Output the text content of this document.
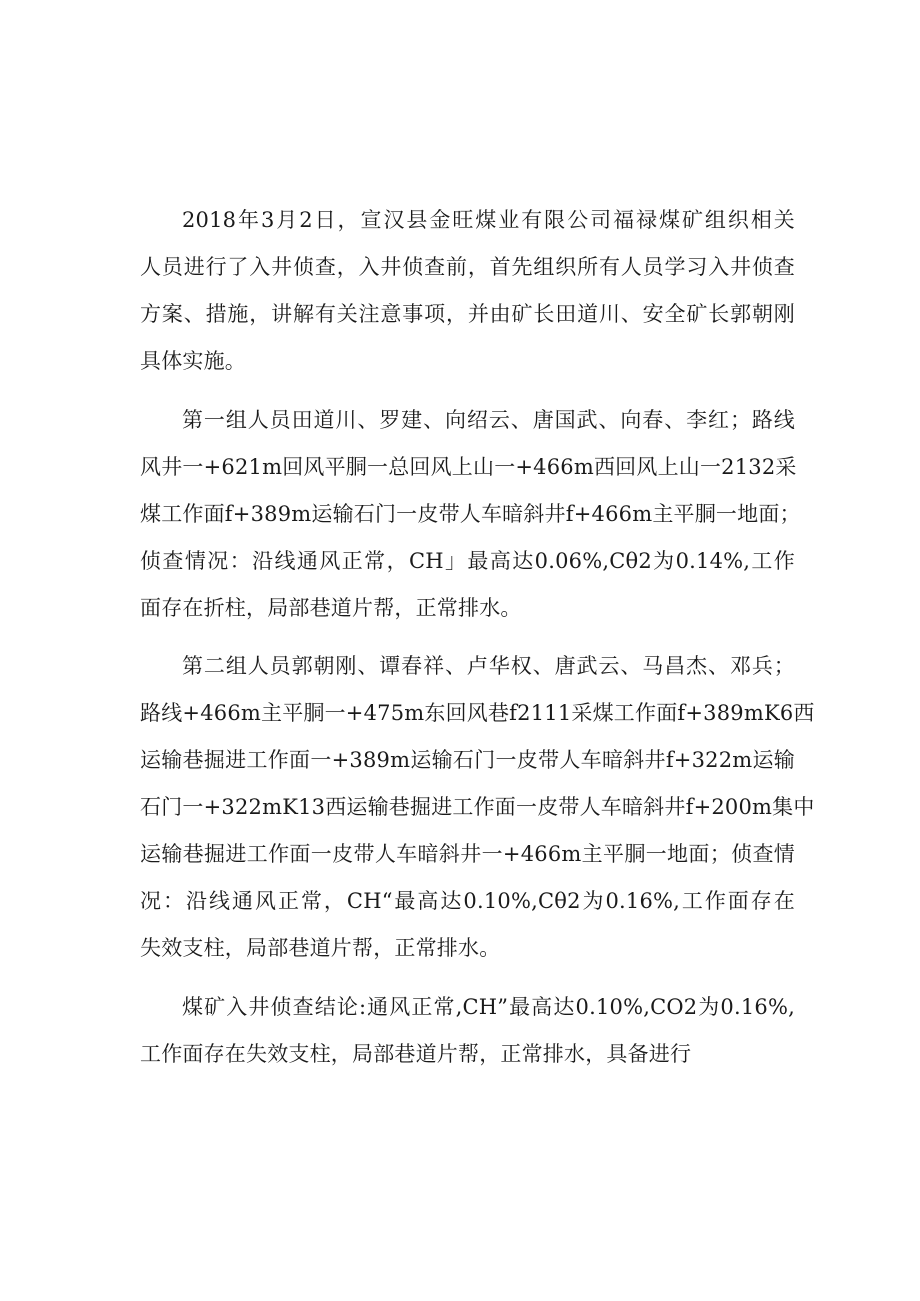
2018年3月2日，宣汉县金旺煤业有限公司福禄煤矿组织相关
人员进行了入井侦查，入井侦查前，首先组织所有人员学习入井侦查
方案、措施，讲解有关注意事项，并由矿长田道川、安全矿长郭朝刚
具体实施。

第一组人员田道川、罗建、向绍云、唐国武、向春、李红；路线
风井一+621m回风平胴一总回风上山一+466m西回风上山一2132采
煤工作面f+389m运输石门一皮带人车暗斜井f+466m主平胴一地面；
侦查情况：沿线通风正常，CH」最高达0.06%,Cθ2为0.14%,工作
面存在折柱，局部巷道片帮，正常排水。

第二组人员郭朝刚、谭春祥、卢华权、唐武云、马昌杰、邓兵；
路线+466m主平胴一+475m东回风巷f2111采煤工作面f+389mK6西
运输巷掘进工作面一+389m运输石门一皮带人车暗斜井f+322m运输
石门一+322mK13西运输巷掘进工作面一皮带人车暗斜井f+200m集中
运输巷掘进工作面一皮带人车暗斜井一+466m主平胴一地面；侦查情
况：沿线通风正常，CH“最高达0.10%,Cθ2为0.16%,工作面存在
失效支柱，局部巷道片帮，正常排水。

煤矿入井侦查结论:通风正常,CH”最高达0.10%,CO2为0.16%,
工作面存在失效支柱，局部巷道片帮，正常排水，具备进行
